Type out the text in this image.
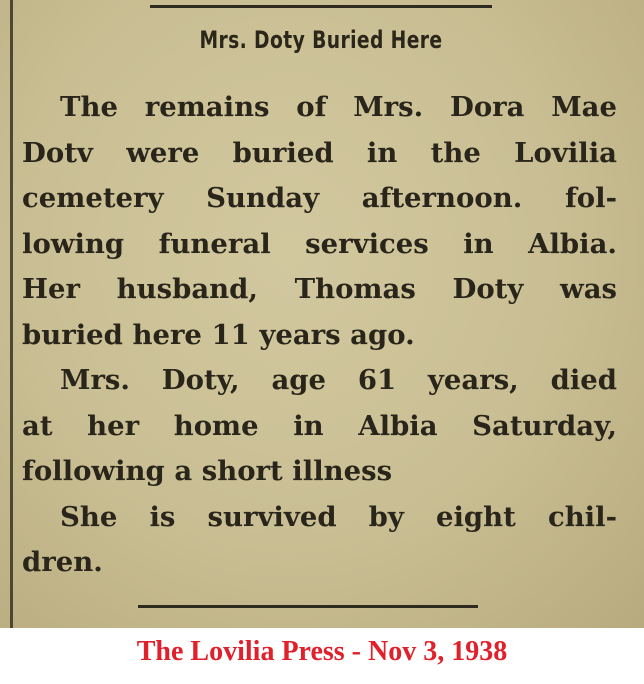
Mrs. Doty Buried Here
The remains of Mrs. Dora Mae
Dotv were buried in the Lovilia
cemetery Sunday afternoon. fol-
lowing funeral services in Albia.
Her husband, Thomas Doty was
buried here 11 years ago.
Mrs. Doty, age 61 years, died
at her home in Albia Saturday,
following a short illness
She is survived by eight chil-
dren.
The Lovilia Press - Nov 3, 1938
